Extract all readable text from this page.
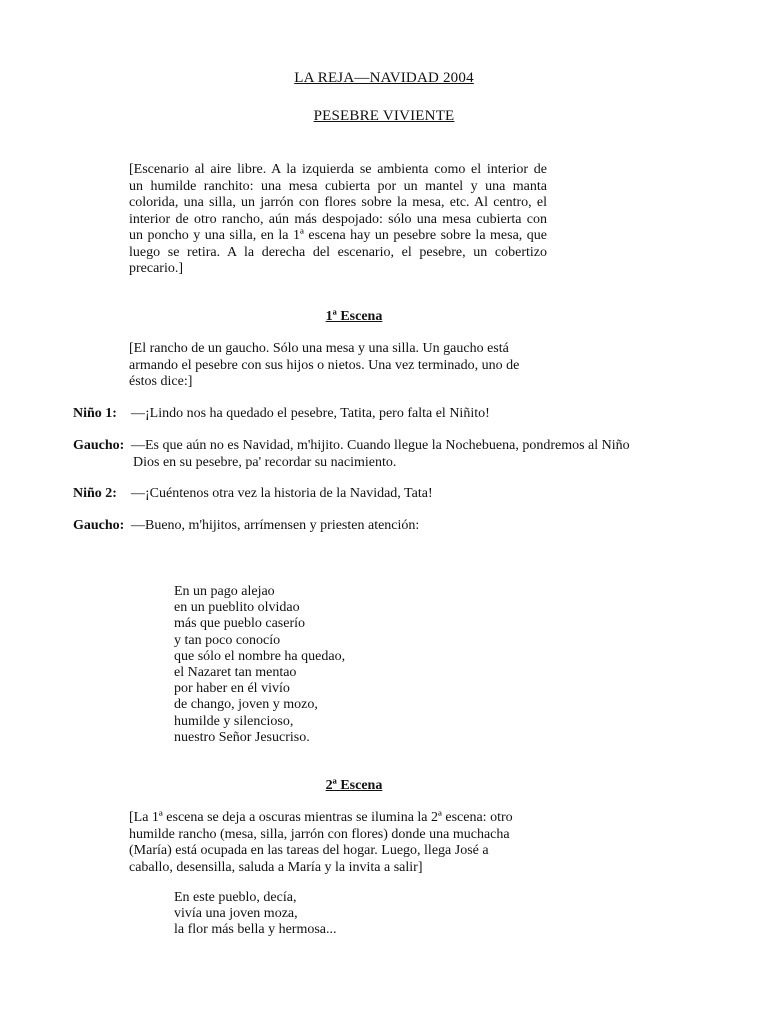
LA REJA—NAVIDAD 2004
PESEBRE VIVIENTE
[Escenario al aire libre. A la izquierda se ambienta como el interior de
un humilde ranchito: una mesa cubierta por un mantel y una manta
colorida, una silla, un jarrón con flores sobre la mesa, etc. Al centro, el
interior de otro rancho, aún más despojado: sólo una mesa cubierta con
un poncho y una silla, en la 1ª escena hay un pesebre sobre la mesa, que
luego se retira. A la derecha del escenario, el pesebre, un cobertizo
precario.]
1ª Escena
[El rancho de un gaucho. Sólo una mesa y una silla. Un gaucho está
armando el pesebre con sus hijos o nietos. Una vez terminado, uno de
éstos dice:]
Niño 1: —¡Lindo nos ha quedado el pesebre, Tatita, pero falta el Niñito!
Gaucho: —Es que aún no es Navidad, m'hijito. Cuando llegue la Nochebuena, pondremos al Niño
Dios en su pesebre, pa' recordar su nacimiento.
Niño 2: —¡Cuéntenos otra vez la historia de la Navidad, Tata!
Gaucho: —Bueno, m'hijitos, arrímensen y priesten atención:
En un pago alejao
en un pueblito olvidao
más que pueblo caserío
y tan poco conocío
que sólo el nombre ha quedao,
el Nazaret tan mentao
por haber en él vivío
de chango, joven y mozo,
humilde y silencioso,
nuestro Señor Jesucriso.
2ª Escena
[La 1ª escena se deja a oscuras mientras se ilumina la 2ª escena: otro
humilde rancho (mesa, silla, jarrón con flores) donde una muchacha
(María) está ocupada en las tareas del hogar. Luego, llega José a
caballo, desensilla, saluda a María y la invita a salir]
En este pueblo, decía,
vivía una joven moza,
la flor más bella y hermosa...
